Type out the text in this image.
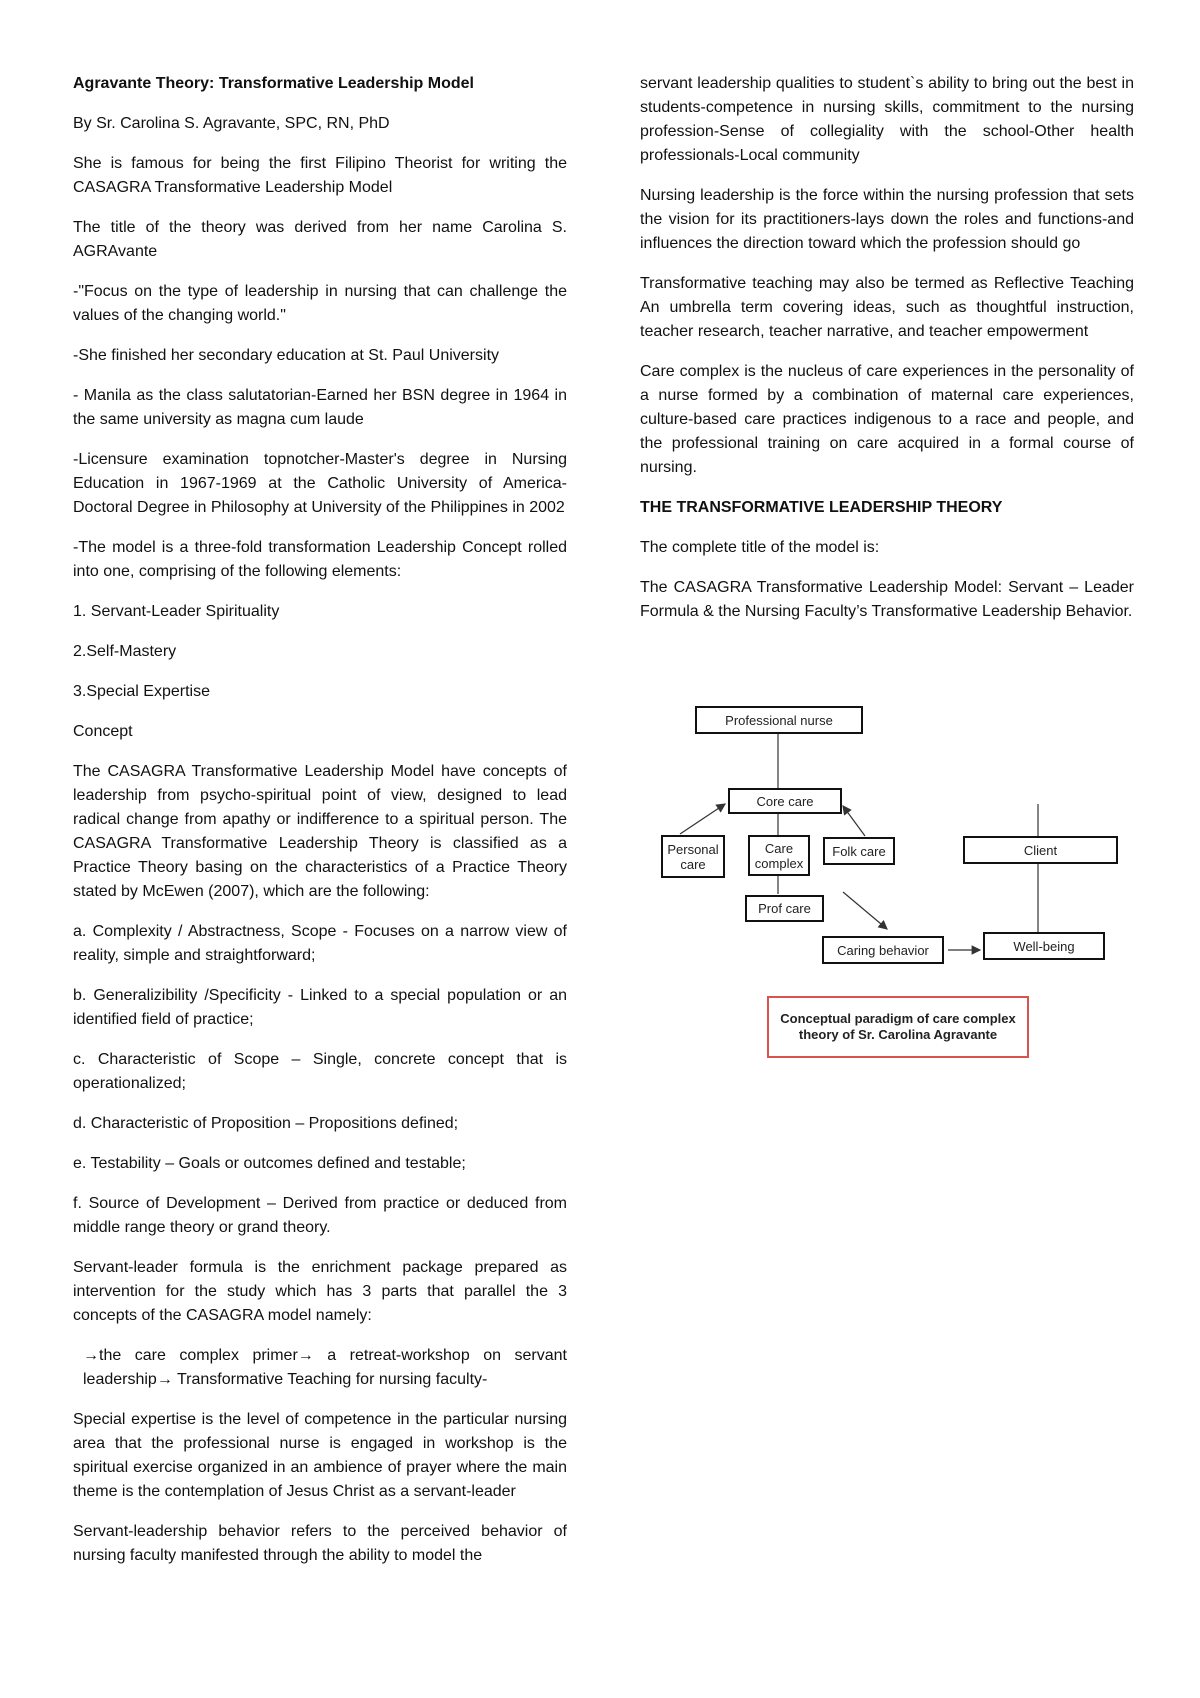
Agravante Theory: Transformative Leadership Model

By Sr. Carolina S. Agravante, SPC, RN, PhD

She is famous for being the first Filipino Theorist for writing the CASAGRA Transformative Leadership Model

The title of the theory was derived from her name Carolina S. AGRAvante

-"Focus on the type of leadership in nursing that can challenge the values of the changing world."

-She finished her secondary education at St. Paul University

- Manila as the class salutatorian-Earned her BSN degree in 1964 in the same university as magna cum laude

-Licensure examination topnotcher-Master's degree in Nursing Education in 1967-1969 at the Catholic University of America-Doctoral Degree in Philosophy at University of the Philippines in 2002

-The model is a three-fold transformation Leadership Concept rolled into one, comprising of the following elements:

1. Servant-Leader Spirituality

2.Self-Mastery

3.Special Expertise

Concept

The CASAGRA Transformative Leadership Model have concepts of leadership from psycho-spiritual point of view, designed to lead radical change from apathy or indifference to a spiritual person. The CASAGRA Transformative Leadership Theory is classified as a Practice Theory basing on the characteristics of a Practice Theory stated by McEwen (2007), which are the following:

a. Complexity / Abstractness, Scope - Focuses on a narrow view of reality, simple and straightforward;

b. Generalizibility /Specificity - Linked to a special population or an identified field of practice;

c. Characteristic of Scope – Single, concrete concept that is operationalized;

d. Characteristic of Proposition – Propositions defined;

e. Testability – Goals or outcomes defined and testable;

f. Source of Development – Derived from practice or deduced from middle range theory or grand theory.

Servant-leader formula is the enrichment package prepared as intervention for the study which has 3 parts that parallel the 3 concepts of the CASAGRA model namely:

→the care complex primer→ a retreat-workshop on servant leadership→ Transformative Teaching for nursing faculty-

Special expertise is the level of competence in the particular nursing area that the professional nurse is engaged in workshop is the spiritual exercise organized in an ambience of prayer where the main theme is the contemplation of Jesus Christ as a servant-leader

Servant-leadership behavior refers to the perceived behavior of nursing faculty manifested through the ability to model the

servant leadership qualities to student`s ability to bring out the best in students-competence in nursing skills, commitment to the nursing profession-Sense of collegiality with the school-Other health professionals-Local community

Nursing leadership is the force within the nursing profession that sets the vision for its practitioners-lays down the roles and functions-and influences the direction toward which the profession should go

Transformative teaching may also be termed as Reflective Teaching An umbrella term covering ideas, such as thoughtful instruction, teacher research, teacher narrative, and teacher empowerment

Care complex is the nucleus of care experiences in the personality of a nurse formed by a combination of maternal care experiences, culture-based care practices indigenous to a race and people, and the professional training on care acquired in a formal course of nursing.

THE TRANSFORMATIVE LEADERSHIP THEORY

The complete title of the model is:

The CASAGRA Transformative Leadership Model: Servant – Leader Formula & the Nursing Faculty’s Transformative Leadership Behavior.

Professional nurse
Core care
Personal care
Care complex
Folk care	Client
Prof care
Caring behavior	Well-being
Conceptual paradigm of care complex theory of Sr. Carolina Agravante
